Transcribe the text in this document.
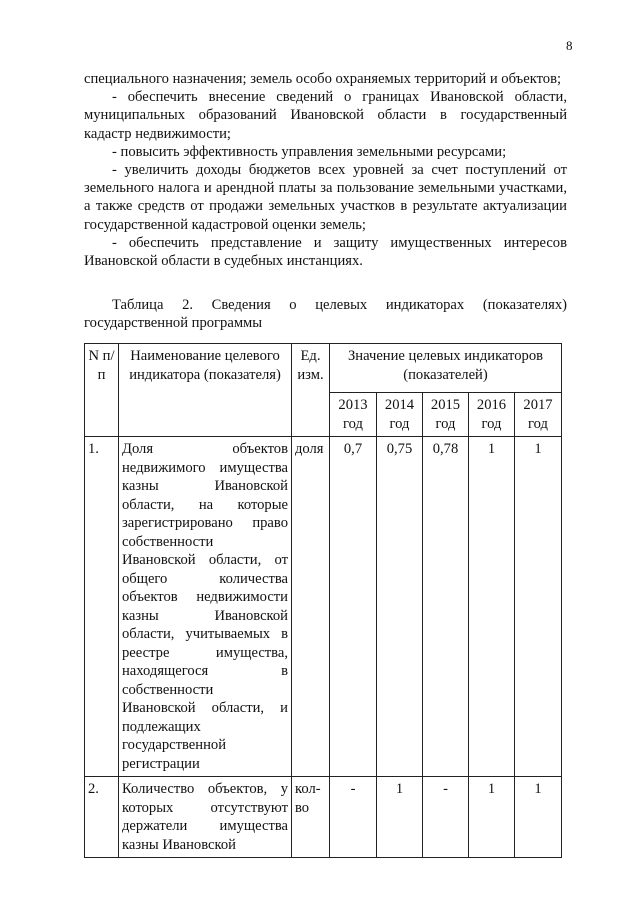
8

специального назначения; земель особо охраняемых территорий и объектов;

- обеспечить внесение сведений о границах Ивановской области, муниципальных образований Ивановской области в государственный кадастр недвижимости;

- повысить эффективность управления земельными ресурсами;

- увеличить доходы бюджетов всех уровней за счет поступлений от земельного налога и арендной платы за пользование земельными участками, а также средств от продажи земельных участков в результате актуализации государственной кадастровой оценки земель;

- обеспечить представление и защиту имущественных интересов Ивановской области в судебных инстанциях.

Таблица 2. Сведения о целевых индикаторах (показателях) государственной программы
N п/п	Наименование целевого индикатора (показателя)	Ед. изм.	Значение целевых индикаторов (показателей)				
			2013 год	2014 год	2015 год	2016 год	2017 год
1.	Доля объектов недвижимого имущества казны Ивановской области, на которые зарегистрировано право собственности Ивановской области, от общего количества объектов недвижимости казны Ивановской области, учитываемых в реестре имущества, находящегося в собственности Ивановской области, и подлежащих государственной регистрации	доля	0,7	0,75	0,78	1	1
2.	Количество объектов, у которых отсутствуют держатели имущества казны Ивановской	кол-во	-	1	-	1	1
